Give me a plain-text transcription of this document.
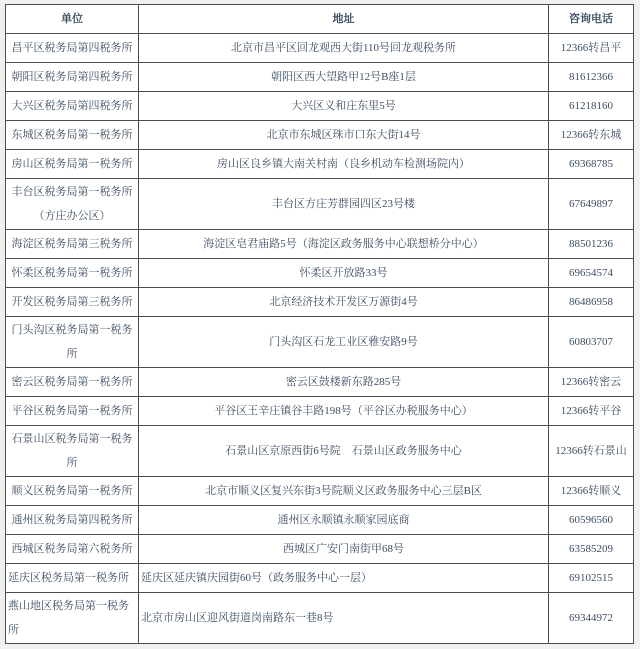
单位	地址	咨询电话
昌平区税务局第四税务所	北京市昌平区回龙观西大街110号回龙观税务所	12366转昌平
朝阳区税务局第四税务所	朝阳区西大望路甲12号B座1层	81612366
大兴区税务局第四税务所	大兴区义和庄东里5号	61218160
东城区税务局第一税务所	北京市东城区珠市口东大街14号	12366转东城
房山区税务局第一税务所	房山区良乡镇大南关村南（良乡机动车检测场院内）	69368785
丰台区税务局第一税务所（方庄办公区）	丰台区方庄芳群园四区23号楼	67649897
海淀区税务局第三税务所	海淀区皂君庙路5号（海淀区政务服务中心联想桥分中心）	88501236
怀柔区税务局第一税务所	怀柔区开放路33号	69654574
开发区税务局第三税务所	北京经济技术开发区万源街4号	86486958
门头沟区税务局第一税务所	门头沟区石龙工业区雅安路9号	60803707
密云区税务局第一税务所	密云区鼓楼新东路285号	12366转密云
平谷区税务局第一税务所	平谷区王辛庄镇谷丰路198号（平谷区办税服务中心）	12366转平谷
石景山区税务局第一税务所	石景山区京原西街6号院　石景山区政务服务中心	12366转石景山
顺义区税务局第一税务所	北京市顺义区复兴东街3号院顺义区政务服务中心三层B区	12366转顺义
通州区税务局第四税务所	通州区永顺镇永顺家园底商	60596560
西城区税务局第六税务所	西城区广安门南街甲68号	63585209
延庆区税务局第一税务所	延庆区延庆镇庆园街60号（政务服务中心一层）	69102515
燕山地区税务局第一税务所	北京市房山区迎风街道岗南路东一巷8号	69344972
